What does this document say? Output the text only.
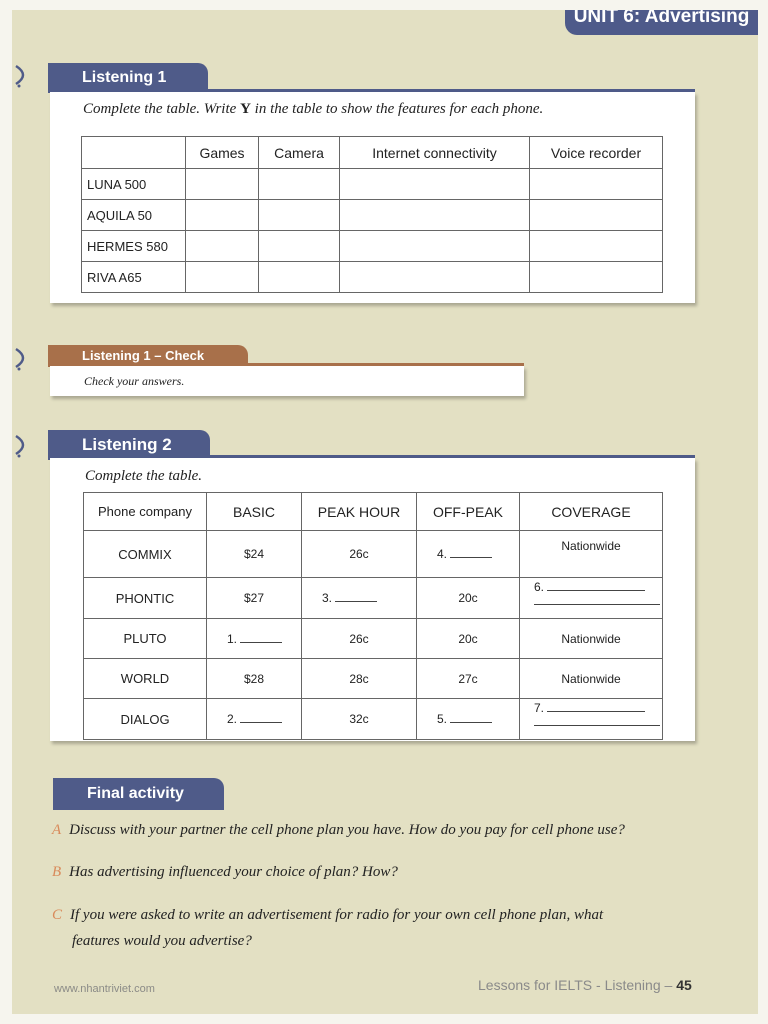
UNIT 6: Advertising
Listening 1
Complete the table. Write Y in the table to show the features for each phone.
	Games	Camera	Internet connectivity	Voice recorder
LUNA 500				
AQUILA 50				
HERMES 580				
RIVA A65				
Listening 1 – Check
Check your answers.
Listening 2
Complete the table.
Phone company	BASIC	PEAK HOUR	OFF-PEAK	COVERAGE
COMMIX	$24	26c	4.	Nationwide
PHONTIC	$27	3.	20c	6.

PLUTO	1.	26c	20c	Nationwide
WORLD	$28	28c	27c	Nationwide
DIALOG	2.	32c	5.	7.

Final activity
A Discuss with your partner the cell phone plan you have. How do you pay for cell phone use?
B Has advertising influenced your choice of plan? How?
C If you were asked to write an advertisement for radio for your own cell phone plan, what
features would you advertise?
www.nhantriviet.com	Lessons for IELTS - Listening – 45
